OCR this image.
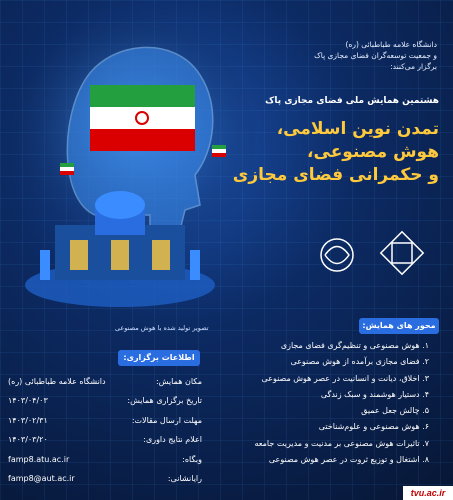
دانشگاه علامه طباطبائی (ره)
و جمعیت توسعه‌گران فضای مجازی پاک
برگزار می‌کنند:
هشتمین همایش ملی فضای مجازی پاک
تمدن نوین اسلامی،
هوش مصنوعی،
و حکمرانی فضای مجازی
تصویر تولید شده با هوش مصنوعی	محور های همایش:
۱. هوش مصنوعی و تنظیم‌گری فضای مجازی
۲. فضای مجازی برآمده از هوش مصنوعی
۳. اخلاق، دیانت و انسانیت در عصر هوش مصنوعی
۴. دستیار هوشمند و سبک زندگی
۵. چالش جعل عمیق
۶. هوش مصنوعی و علوم‌شناختی
۷. تاثیرات هوش مصنوعی بر مدنیت و مدیریت جامعه
۸. اشتغال و توزیع ثروت در عصر هوش مصنوعی
اطلاعات برگزاری:
مکان همایش:
دانشگاه علامه طباطبائی (ره)
تاریخ برگزاری همایش:
۱۴۰۳/۰۴/۰۳
مهلت ارسال مقالات:
۱۴۰۳/۰۲/۳۱
اعلام نتایج داوری:
۱۴۰۳/۰۳/۲۰
وبگاه:
famp8.atu.ac.ir
رایانشانی:
famp8@aut.ac.ir
tvu.ac.ir
